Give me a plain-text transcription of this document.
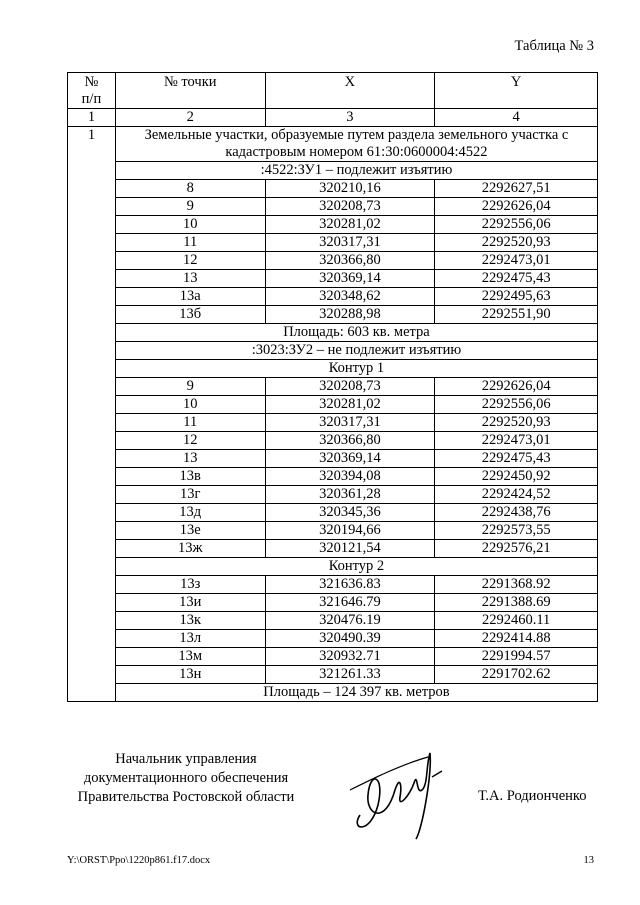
Таблица № 3
№
п/п	№ точки	X	Y
1	2	3	4
1	Земельные участки, образуемые путем раздела земельного участка с кадастровым номером 61:30:0600004:4522		
	:4522:ЗУ1 – подлежит изъятию		
	8	320210,16	2292627,51
	9	320208,73	2292626,04
	10	320281,02	2292556,06
	11	320317,31	2292520,93
	12	320366,80	2292473,01
	13	320369,14	2292475,43
	13а	320348,62	2292495,63
	13б	320288,98	2292551,90
	Площадь: 603 кв. метра		
	:3023:ЗУ2 – не подлежит изъятию		
	Контур 1		
	9	320208,73	2292626,04
	10	320281,02	2292556,06
	11	320317,31	2292520,93
	12	320366,80	2292473,01
	13	320369,14	2292475,43
	13в	320394,08	2292450,92
	13г	320361,28	2292424,52
	13д	320345,36	2292438,76
	13е	320194,66	2292573,55
	13ж	320121,54	2292576,21
	Контур 2		
	13з	321636.83	2291368.92
	13и	321646.79	2291388.69
	13к	320476.19	2292460.11
	13л	320490.39	2292414.88
	13м	320932.71	2291994.57
	13н	321261.33	2291702.62
	Площадь – 124 397 кв. метров		
Начальник управления
документационного обеспечения
Правительства Ростовской области	Т.А. Родионченко
Y:\ORST\Ppo\1220p861.f17.docx	13
